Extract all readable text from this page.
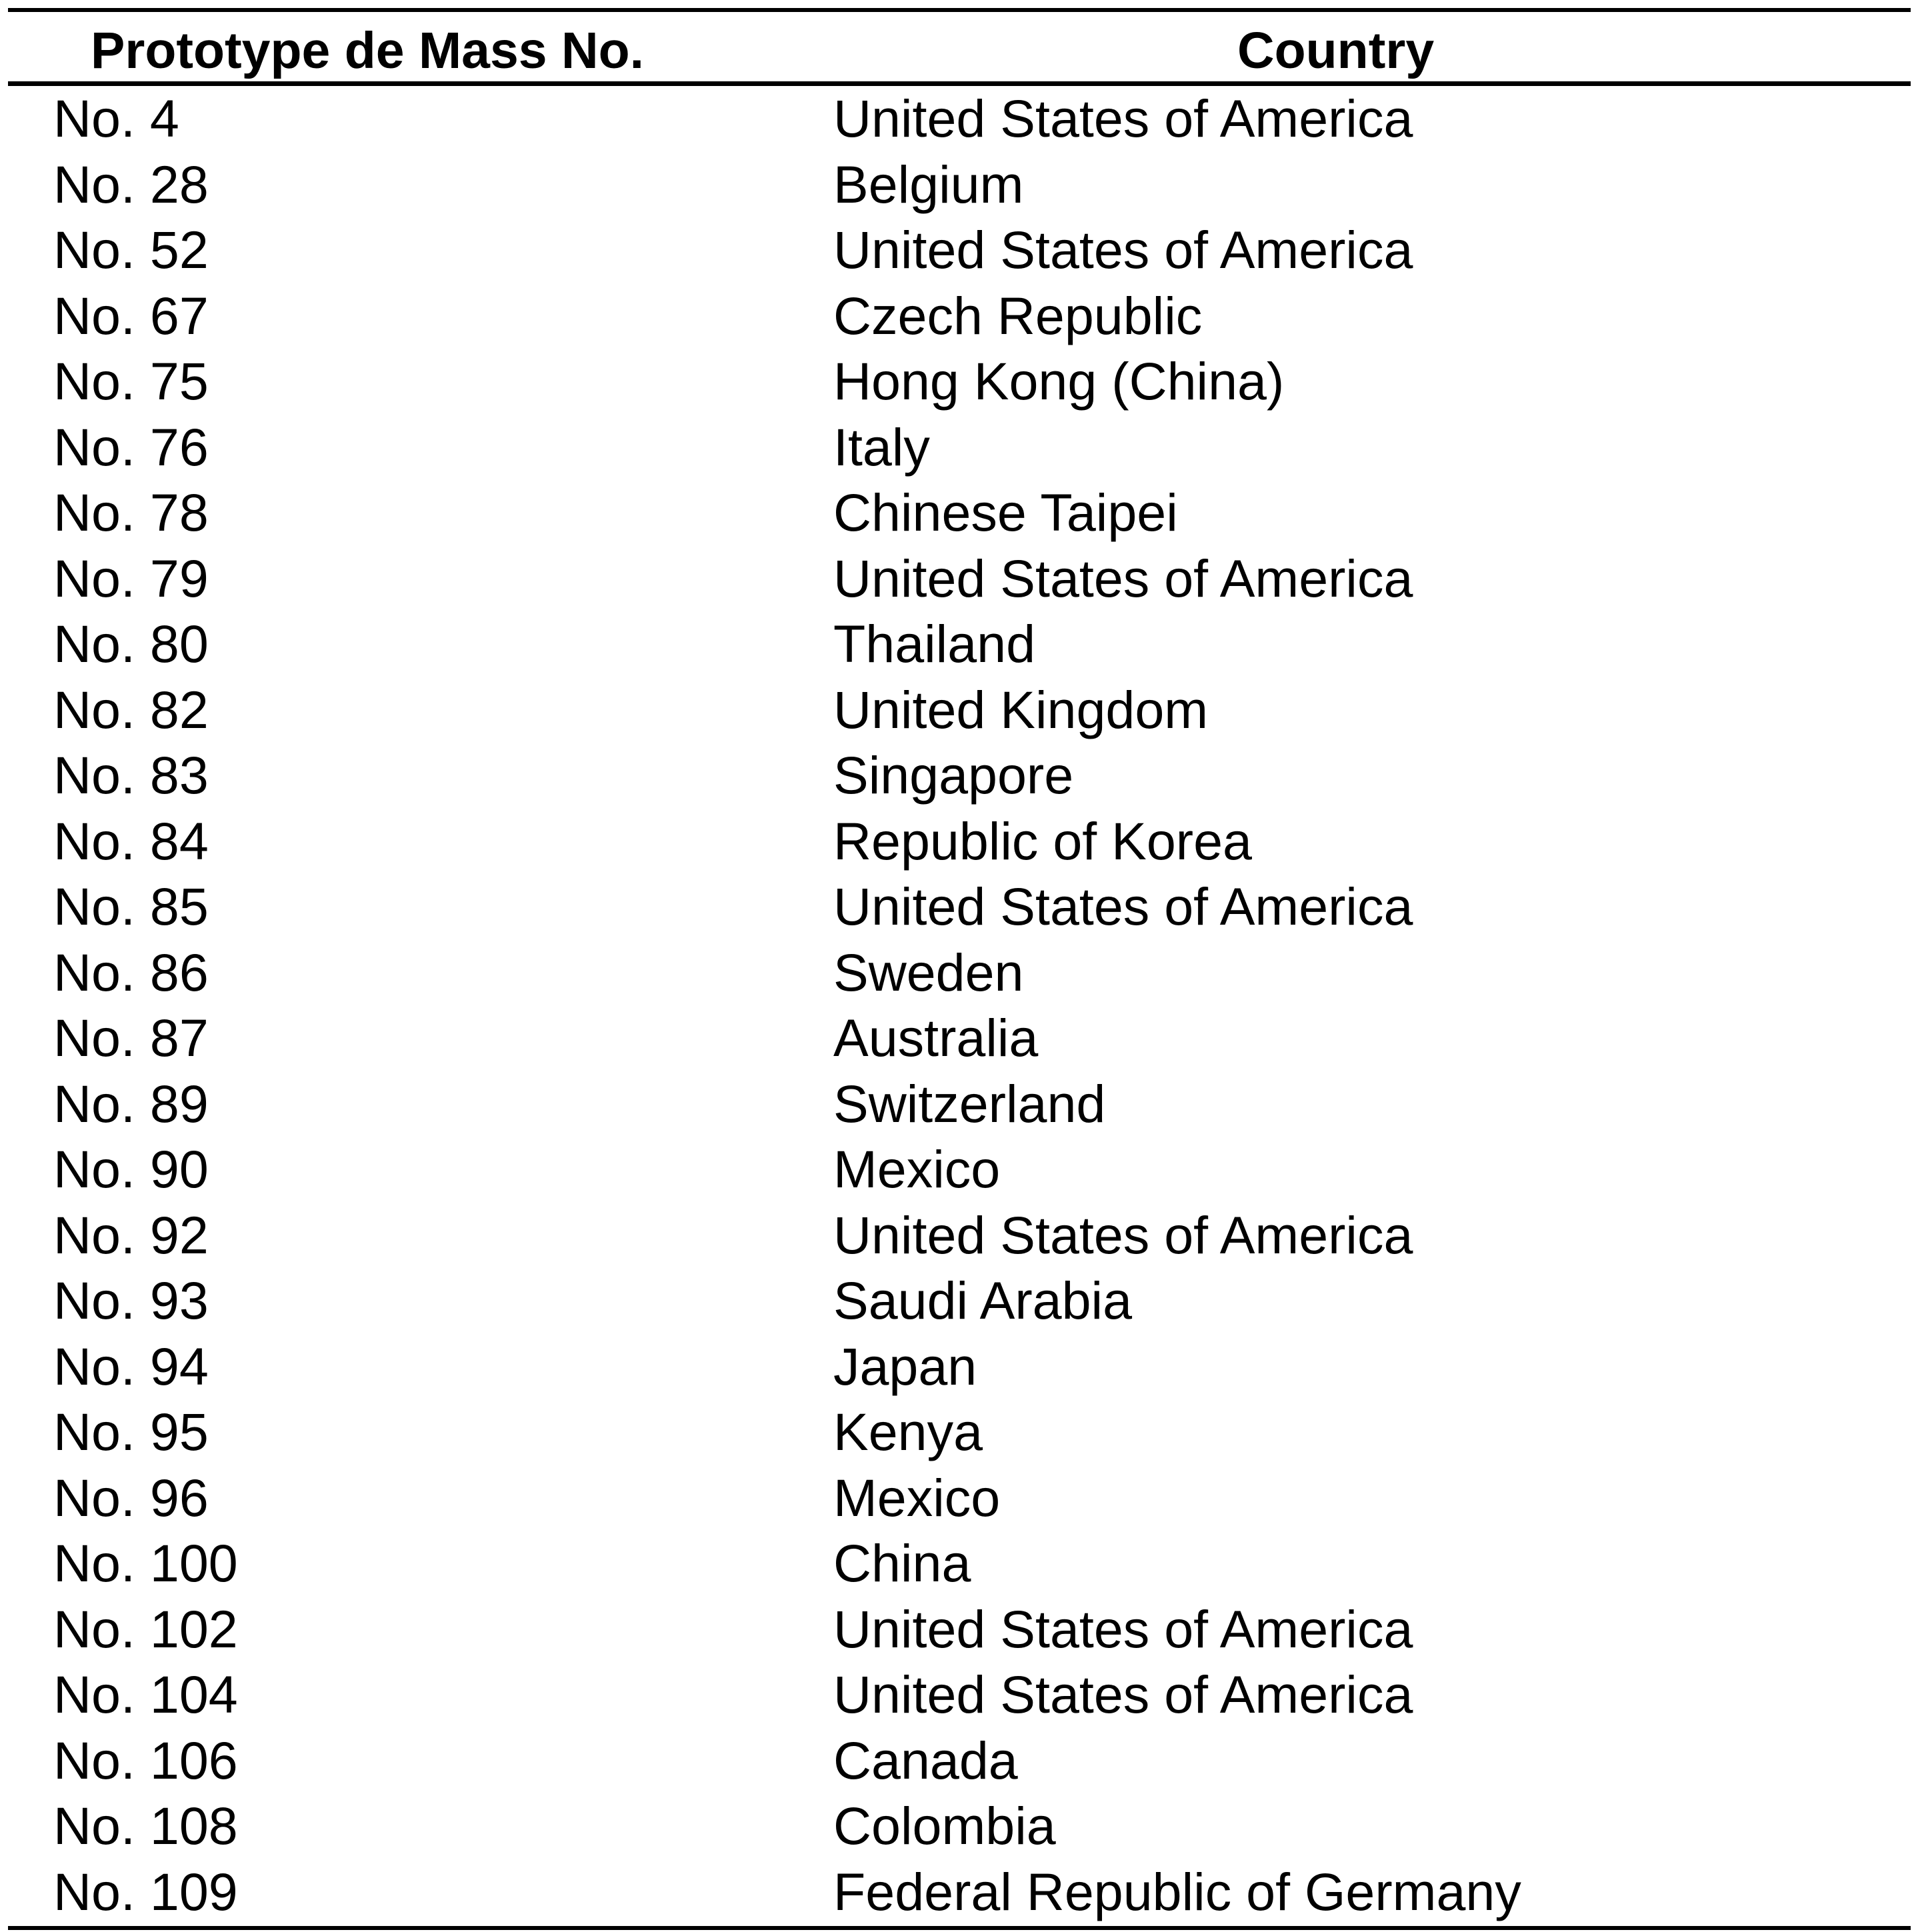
Prototype de Mass No.	Country
No. 4	United States of America
No. 28	Belgium
No. 52	United States of America
No. 67	Czech Republic
No. 75	Hong Kong (China)
No. 76	Italy
No. 78	Chinese Taipei
No. 79	United States of America
No. 80	Thailand
No. 82	United Kingdom
No. 83	Singapore
No. 84	Republic of Korea
No. 85	United States of America
No. 86	Sweden
No. 87	Australia
No. 89	Switzerland
No. 90	Mexico
No. 92	United States of America
No. 93	Saudi Arabia
No. 94	Japan
No. 95	Kenya
No. 96	Mexico
No. 100	China
No. 102	United States of America
No. 104	United States of America
No. 106	Canada
No. 108	Colombia
No. 109	Federal Republic of Germany
